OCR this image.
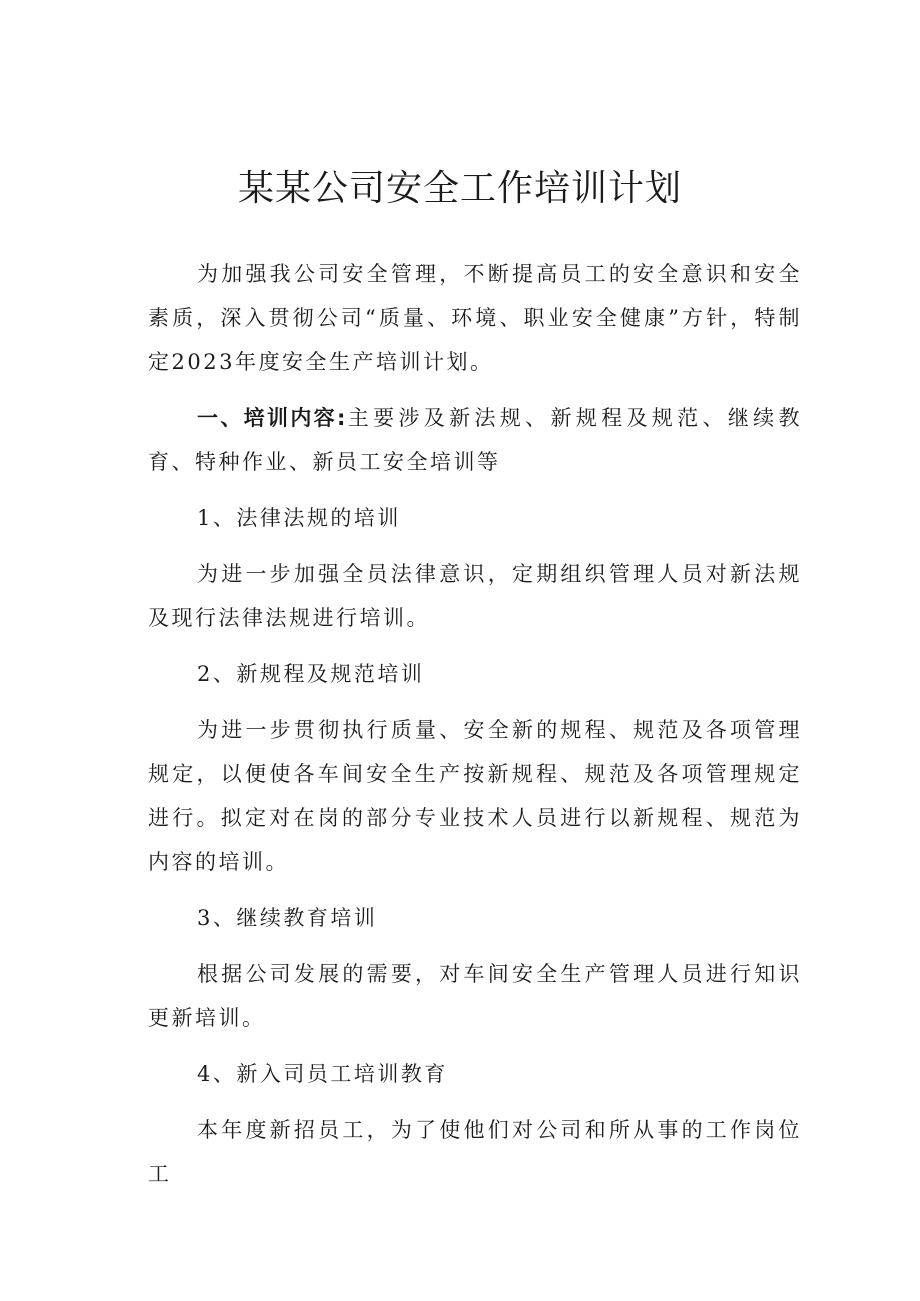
某某公司安全工作培训计划

为加强我公司安全管理，不断提高员工的安全意识和安全素质，深入贯彻公司“质量、环境、职业安全健康”方针，特制定2023年度安全生产培训计划。

一、培训内容:主要涉及新法规、新规程及规范、继续教育、特种作业、新员工安全培训等

1、法律法规的培训

为进一步加强全员法律意识，定期组织管理人员对新法规及现行法律法规进行培训。

2、新规程及规范培训

为进一步贯彻执行质量、安全新的规程、规范及各项管理规定，以便使各车间安全生产按新规程、规范及各项管理规定进行。拟定对在岗的部分专业技术人员进行以新规程、规范为内容的培训。

3、继续教育培训

根据公司发展的需要，对车间安全生产管理人员进行知识更新培训。

4、新入司员工培训教育

本年度新招员工，为了使他们对公司和所从事的工作岗位工
